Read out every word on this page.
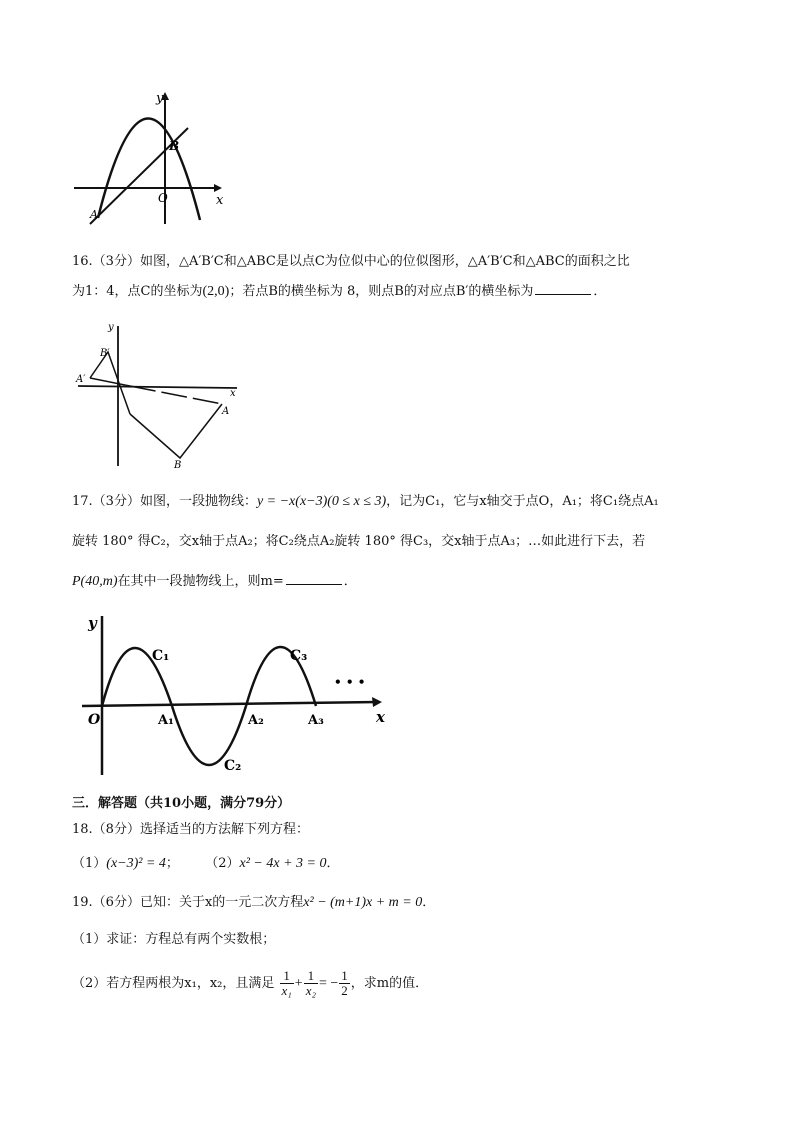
x
y
O
A
B
16.（3分）如图，△A′B′C和△ABC是以点C为位似中心的位似图形，△A′B′C和△ABC的面积之比
为1：4，点C的坐标为(2,0)；若点B的横坐标为 8，则点B的对应点B′的横坐标为	．
x
y
A′
B′
A
B
17.（3分）如图，一段抛物线：y = −x(x−3)(0 ≤ x ≤ 3)，记为C₁，它与x轴交于点O，A₁；将C₁绕点A₁
旋转 180° 得C₂，交x轴于点A₂；将C₂绕点A₂旋转 180° 得C₃，交x轴于点A₃；…如此进行下去，若
P(40,m)在其中一段抛物线上，则m=	．
y
x
O
C₁
C₂
C₃
A₁	A₂	A₃
• • •
三．解答题（共10小题，满分79分）
18.（8分）选择适当的方法解下列方程：
（1）(x−3)² = 4； （2）x² − 4x + 3 = 0．
19.（6分）已知：关于x的一元二次方程x² − (m+1)x + m = 0．
（1）求证：方程总有两个实数根；
（2）若方程两根为x₁，x₂，且满足 $\frac{1}{\text{x₁}} + \frac{1}{\text{x₂}}$ = − $\frac{1}{2}$ ，求m的值．
